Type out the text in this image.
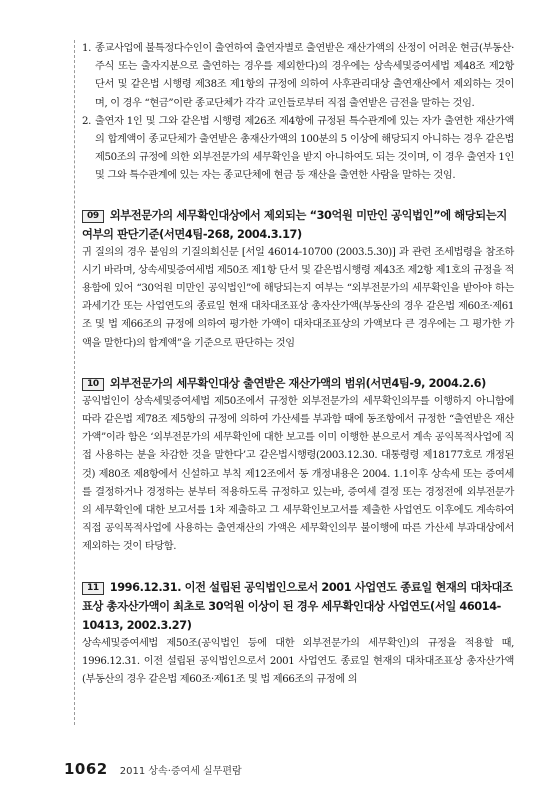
1. 종교사업에 불특정다수인이 출연하여 출연자별로 출연받은 재산가액의 산정이 어려운 현금(부동산·주식 또는 출자지분으로 출연하는 경우를 제외한다)의 경우에는 상속세및증여세법 제48조 제2항 단서 및 같은법 시행령 제38조 제1항의 규정에 의하여 사후관리대상 출연재산에서 제외하는 것이며, 이 경우 “현금”이란 종교단체가 각각 교인들로부터 직접 출연받은 금전을 말하는 것임.
2. 출연자 1인 및 그와 같은법 시행령 제26조 제4항에 규정된 특수관계에 있는 자가 출연한 재산가액의 합계액이 종교단체가 출연받은 총재산가액의 100분의 5 이상에 해당되지 아니하는 경우 같은법 제50조의 규정에 의한 외부전문가의 세무확인을 받지 아니하여도 되는 것이며, 이 경우 출연자 1인 및 그와 특수관계에 있는 자는 종교단체에 현금 등 재산을 출연한 사람을 말하는 것임.
09 외부전문가의 세무확인대상에서 제외되는 “30억원 미만인 공익법인”에 해당되는지 여부의 판단기준(서면4팀-268, 2004.3.17)
귀 질의의 경우 붙임의 기질의회신문 [서일 46014-10700 (2003.5.30)] 과 관련 조세법령을 참조하시기 바라며, 상속세및증여세법 제50조 제1항 단서 및 같은법시행령 제43조 제2항 제1호의 규정을 적용함에 있어 “30억원 미만인 공익법인”에 해당되는지 여부는 “외부전문가의 세무확인을 받아야 하는 과세기간 또는 사업연도의 종료일 현재 대차대조표상 총자산가액(부동산의 경우 같은법 제60조·제61조 및 법 제66조의 규정에 의하여 평가한 가액이 대차대조표상의 가액보다 큰 경우에는 그 평가한 가액을 말한다)의 합계액”을 기준으로 판단하는 것임
10 외부전문가의 세무확인대상 출연받은 재산가액의 범위(서면4팀-9, 2004.2.6)
공익법인이 상속세및증여세법 제50조에서 규정한 외부전문가의 세무확인의무를 이행하지 아니함에 따라 같은법 제78조 제5항의 규정에 의하여 가산세를 부과함 때에 동조항에서 규정한 “출연받은 재산가액”이라 함은 ‘외부전문가의 세무확인에 대한 보고를 이미 이행한 분으로서 계속 공익목적사업에 직접 사용하는 분을 차감한 것을 말한다’고 같은법시행령(2003.12.30. 대통령령 제18177호로 개정된 것) 제80조 제8항에서 신설하고 부칙 제12조에서 동 개정내용은 2004. 1.1이후 상속세 또는 증여세를 결정하거나 경정하는 분부터 적용하도록 규정하고 있는바, 증여세 결정 또는 경정전에 외부전문가의 세무확인에 대한 보고서를 1차 제출하고 그 세무확인보고서를 제출한 사업연도 이후에도 계속하여 직접 공익목적사업에 사용하는 출연재산의 가액은 세무확인의무 불이행에 따른 가산세 부과대상에서 제외하는 것이 타당함.
11 1996.12.31. 이전 설립된 공익법인으로서 2001 사업연도 종료일 현재의 대차대조표상 총자산가액이 최초로 30억원 이상이 된 경우 세무확인대상 사업연도(서일 46014-10413, 2002.3.27)
상속세및증여세법 제50조(공익법인 등에 대한 외부전문가의 세무확인)의 규정을 적용할 때, 1996.12.31. 이전 설립된 공익법인으로서 2001 사업연도 종료일 현재의 대차대조표상 총자산가액(부동산의 경우 같은법 제60조·제61조 및 법 제66조의 규정에 의
1062 2011 상속·증여세 실무편람
